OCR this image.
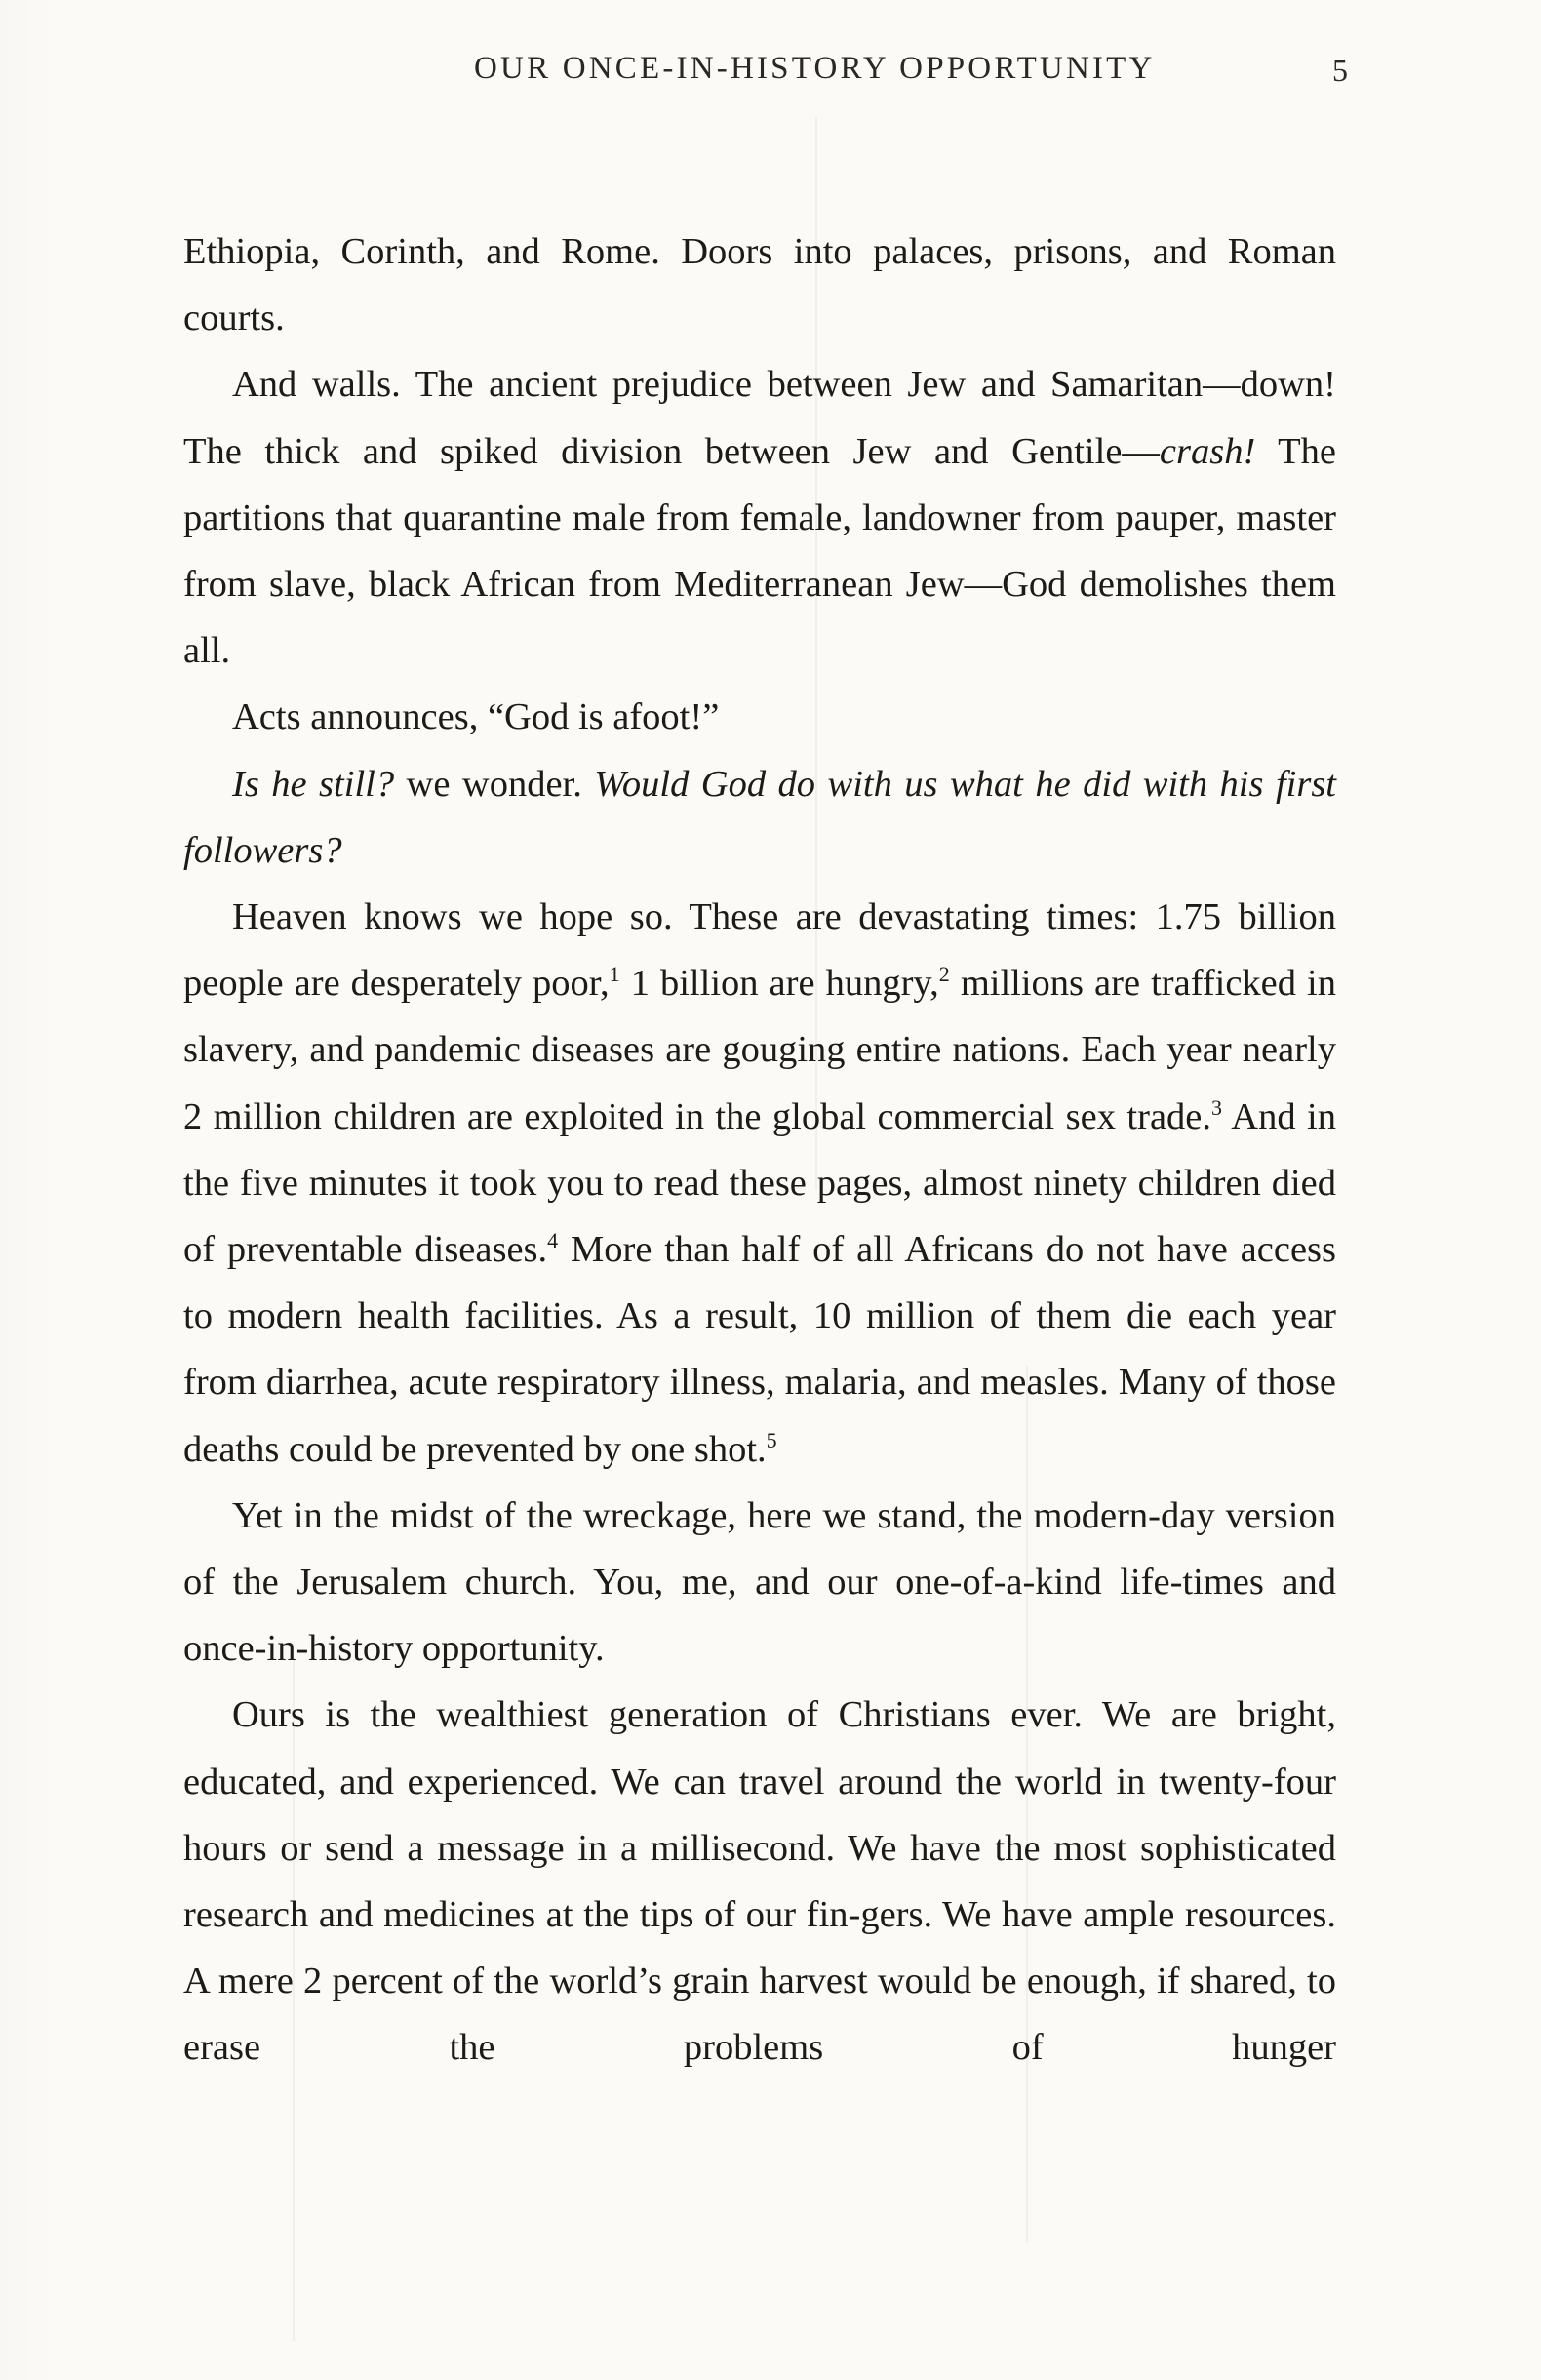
OUR ONCE-IN-HISTORY OPPORTUNITY	5

Ethiopia, Corinth, and Rome. Doors into palaces, prisons, and Roman courts.

And walls. The ancient prejudice between Jew and Samaritan—down! The thick and spiked division between Jew and Gentile—crash! The partitions that quarantine male from female, landowner from pauper, master from slave, black African from Mediterranean Jew—God demolishes them all.

Acts announces, “God is afoot!”

Is he still? we wonder. Would God do with us what he did with his first followers?

Heaven knows we hope so. These are devastating times: 1.75 billion people are desperately poor,$^1$ 1 billion are hungry,$^2$ millions are trafficked in slavery, and pandemic diseases are gouging entire nations. Each year nearly 2 million children are exploited in the global commercial sex trade.$^3$ And in the five minutes it took you to read these pages, almost ninety children died of preventable diseases.$^4$ More than half of all Africans do not have access to modern health facilities. As a result, 10 million of them die each year from diarrhea, acute respiratory illness, malaria, and measles. Many of those deaths could be prevented by one shot.$^5$

Yet in the midst of the wreckage, here we stand, the modern-day version of the Jerusalem church. You, me, and our one-of-a-kind life-times and once-in-history opportunity.

Ours is the wealthiest generation of Christians ever. We are bright, educated, and experienced. We can travel around the world in twenty-four hours or send a message in a millisecond. We have the most sophisticated research and medicines at the tips of our fin-gers. We have ample resources. A mere 2 percent of the world’s grain harvest would be enough, if shared, to erase the problems of hunger
